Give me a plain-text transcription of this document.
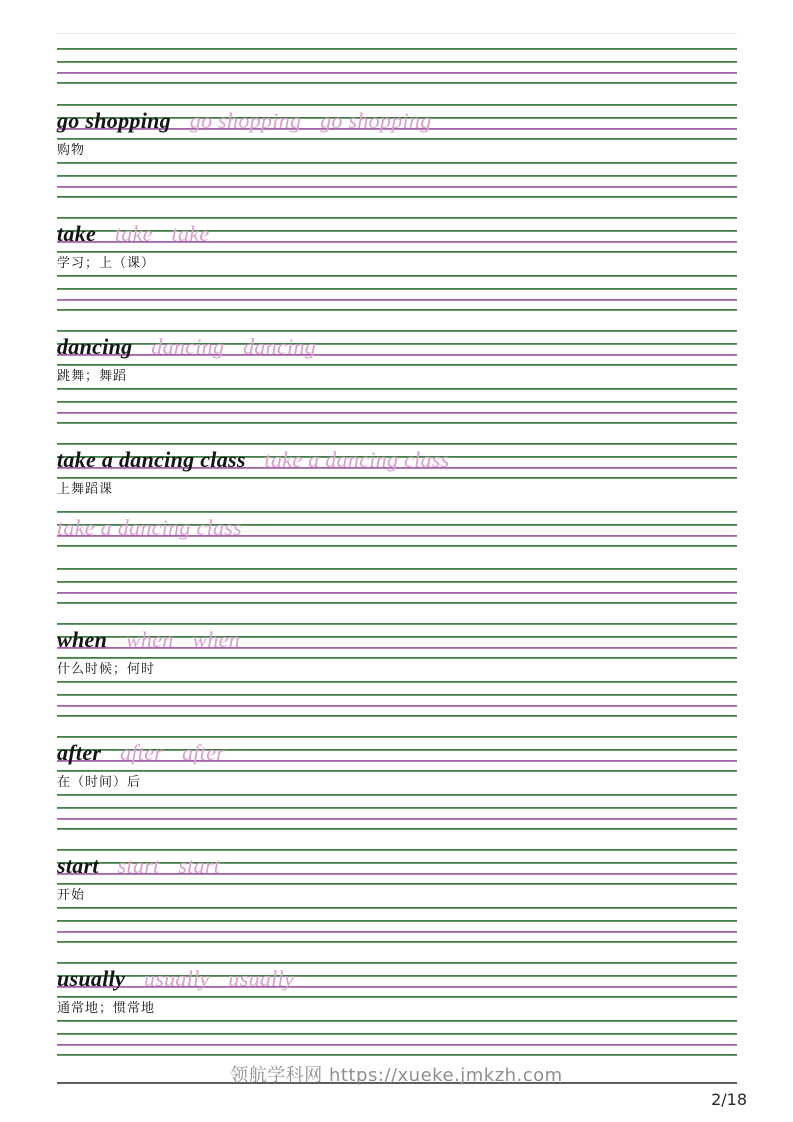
go shopping go shopping go shopping
购物
take take take
学习；上（课）
dancing dancing dancing
跳舞；舞蹈
take a dancing class take a dancing class
上舞蹈课
take a dancing class
when when when
什么时候；何时
after after after
在（时间）后
start start start
开始
usually usually usually
通常地；惯常地
领航学科网 https://xueke.jmkzh.com
2/18
